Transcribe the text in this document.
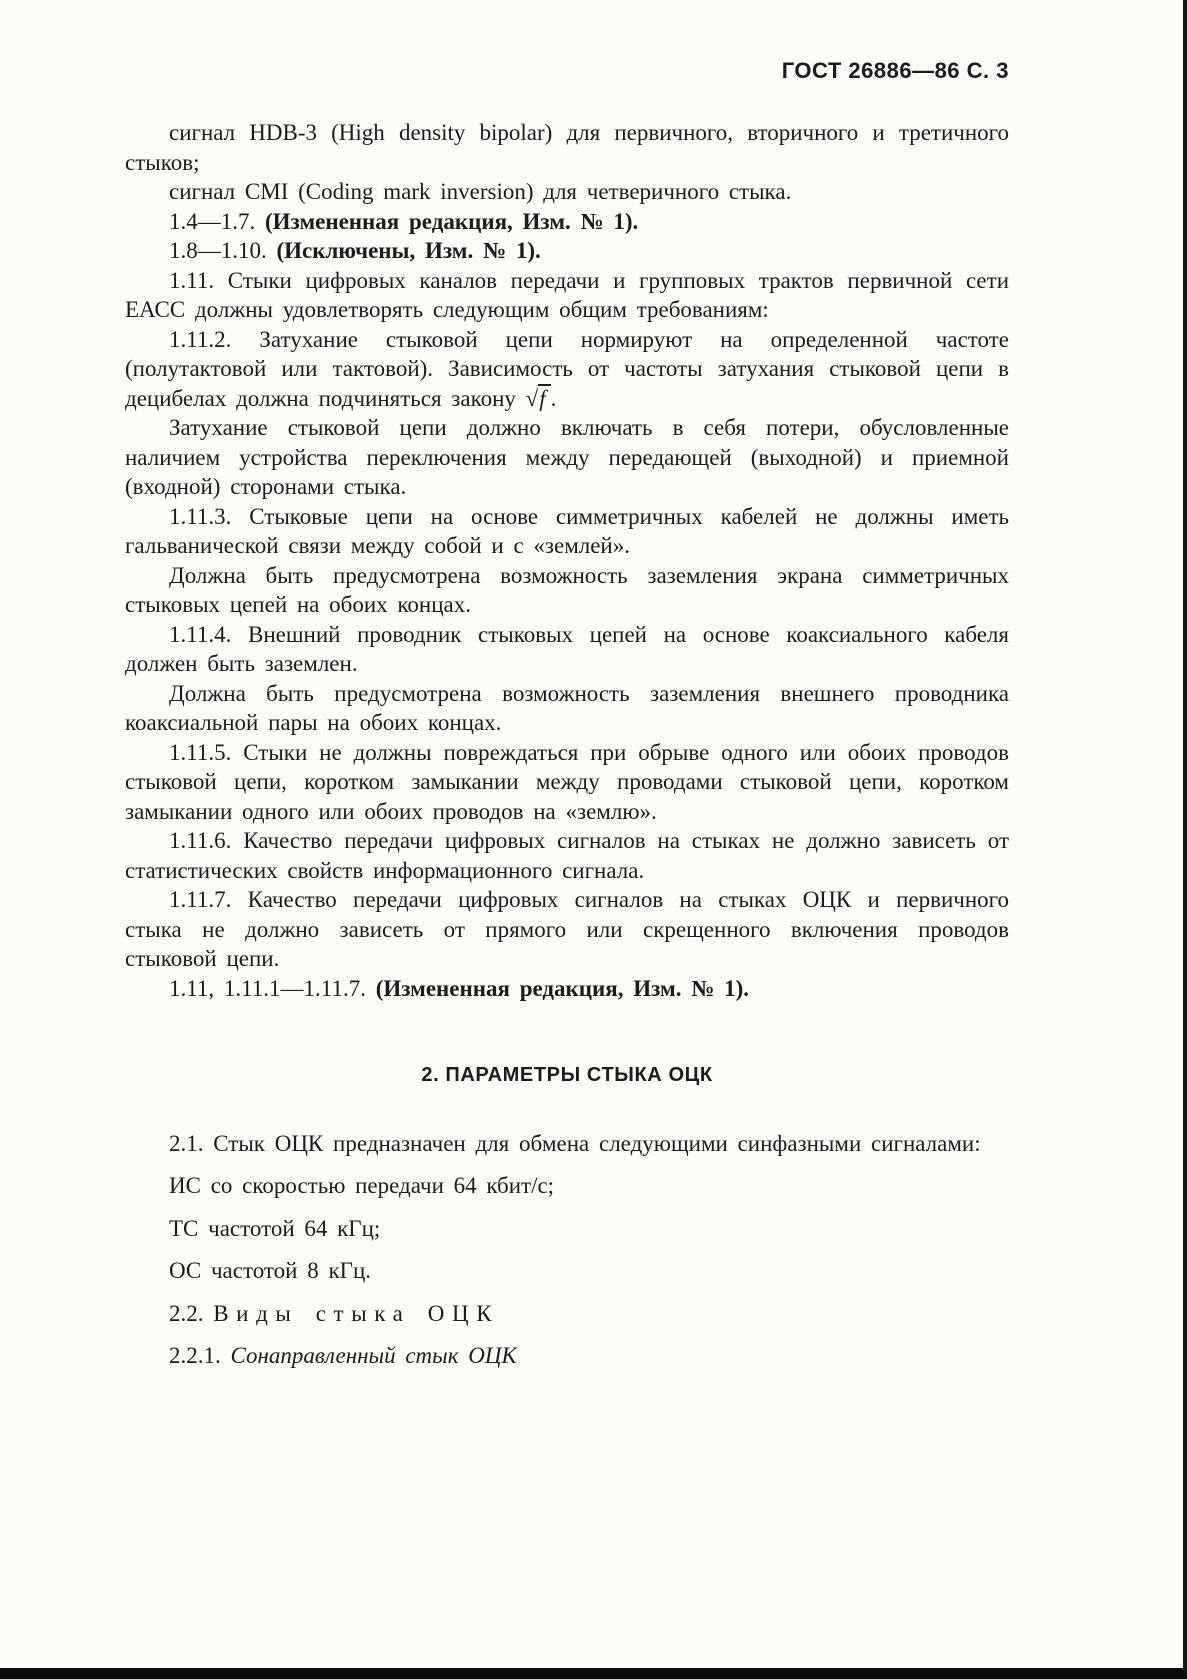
ГОСТ 26886—86 С. 3

сигнал HDB-3 (High density bipolar) для первичного, вторичного и третичного стыков;

сигнал CMI (Coding mark inversion) для четверичного стыка.

1.4—1.7. (Измененная редакция, Изм. № 1).

1.8—1.10. (Исключены, Изм. № 1).

1.11. Стыки цифровых каналов передачи и групповых трактов первичной сети ЕАСС должны удовлетворять следующим общим требованиям:

1.11.2. Затухание стыковой цепи нормируют на определенной частоте (полутактовой или тактовой). Зависимость от частоты затухания стыковой цепи в децибелах должна подчиняться закону √f .

Затухание стыковой цепи должно включать в себя потери, обусловленные наличием устройства переключения между передающей (выходной) и приемной (входной) сторонами стыка.

1.11.3. Стыковые цепи на основе симметричных кабелей не должны иметь гальванической связи между собой и с «землей».

Должна быть предусмотрена возможность заземления экрана симметричных стыковых цепей на обоих концах.

1.11.4. Внешний проводник стыковых цепей на основе коаксиального кабеля должен быть заземлен.

Должна быть предусмотрена возможность заземления внешнего проводника коаксиальной пары на обоих концах.

1.11.5. Стыки не должны повреждаться при обрыве одного или обоих проводов стыковой цепи, коротком замыкании между проводами стыковой цепи, коротком замыкании одного или обоих проводов на «землю».

1.11.6. Качество передачи цифровых сигналов на стыках не должно зависеть от статистических свойств информационного сигнала.

1.11.7. Качество передачи цифровых сигналов на стыках ОЦК и первичного стыка не должно зависеть от прямого или скрещенного включения проводов стыковой цепи.

1.11, 1.11.1—1.11.7. (Измененная редакция, Изм. № 1).

2. ПАРАМЕТРЫ СТЫКА ОЦК

2.1. Стык ОЦК предназначен для обмена следующими синфазными сигналами:

ИС со скоростью передачи 64 кбит/с;

ТС частотой 64 кГц;

ОС частотой 8 кГц.

2.2. Виды стыка ОЦК

2.2.1. Сонаправленный стык ОЦК
